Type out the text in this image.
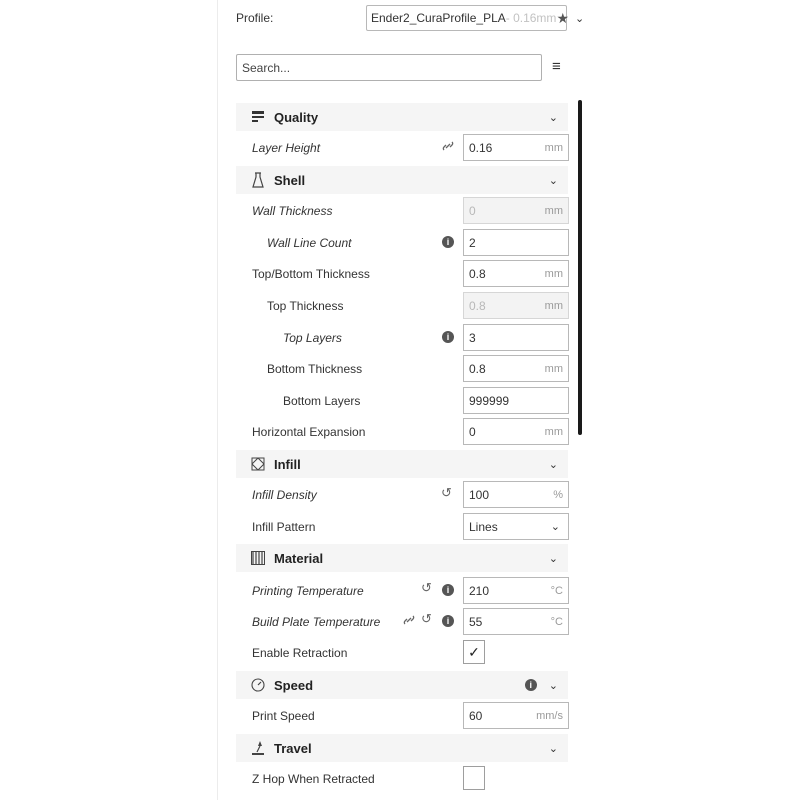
Profile:	Ender2_CuraProfile_PLA - 0.16mm ★ ⌄
Search...
≡
Quality	⌄
Layer Height	0.16	mm
Shell	⌄
Wall Thickness	0	mm
Wall Line Count	i	2
Top/Bottom Thickness	0.8	mm
Top Thickness	0.8	mm
Top Layers	i	3
Bottom Thickness	0.8	mm
Bottom Layers	999999
Horizontal Expansion	0	mm
Infill	⌄
Infill Density	↺	100	%
Infill Pattern	Lines	⌄
Material	⌄
Printing Temperature	↺	i	210	°C
Build Plate Temperature	↺	i	55	°C
Enable Retraction	✓
Speed	i	⌄
Print Speed	60	mm/s
Travel	⌄
Z Hop When Retracted
